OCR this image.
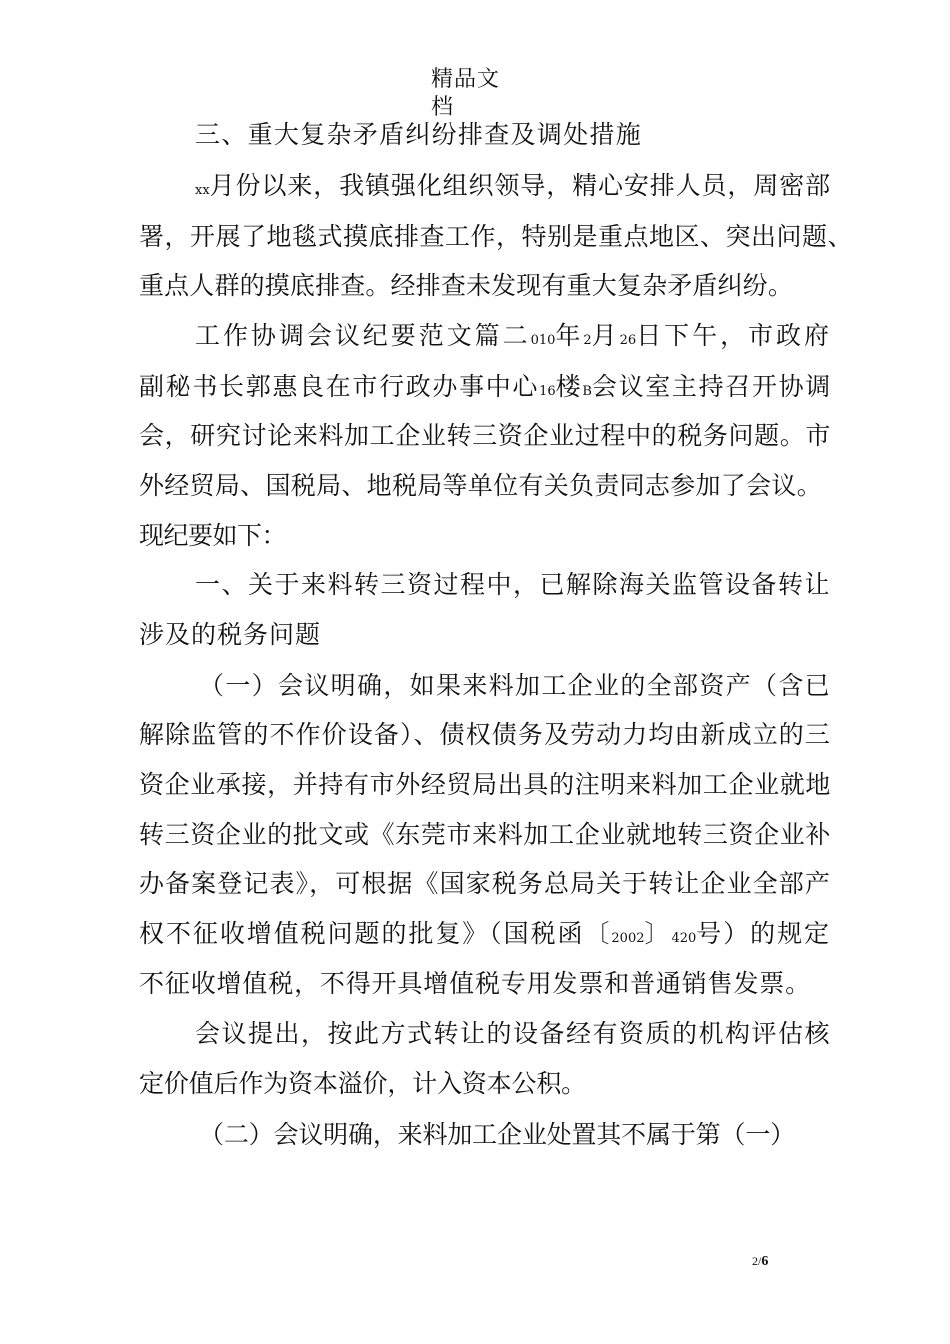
精品文
档
三、重大复杂矛盾纠纷排查及调处措施
xx月份以来，我镇强化组织领导，精心安排人员，周密部
署，开展了地毯式摸底排查工作，特别是重点地区、突出问题、
重点人群的摸底排查。经排查未发现有重大复杂矛盾纠纷。
工作协调会议纪要范文篇二010年2月26日下午，市政府
副秘书长郭惠良在市行政办事中心16楼B会议室主持召开协调
会，研究讨论来料加工企业转三资企业过程中的税务问题。市
外经贸局、国税局、地税局等单位有关负责同志参加了会议。
现纪要如下：
一、关于来料转三资过程中，已解除海关监管设备转让
涉及的税务问题
（一）会议明确，如果来料加工企业的全部资产（含已
解除监管的不作价设备）、债权债务及劳动力均由新成立的三
资企业承接，并持有市外经贸局出具的注明来料加工企业就地
转三资企业的批文或《东莞市来料加工企业就地转三资企业补
办备案登记表》，可根据《国家税务总局关于转让企业全部产
权不征收增值税问题的批复》（国税函〔2002〕420号）的规定
不征收增值税，不得开具增值税专用发票和普通销售发票。
会议提出，按此方式转让的设备经有资质的机构评估核
定价值后作为资本溢价，计入资本公积。
（二）会议明确，来料加工企业处置其不属于第（一）
2/6
